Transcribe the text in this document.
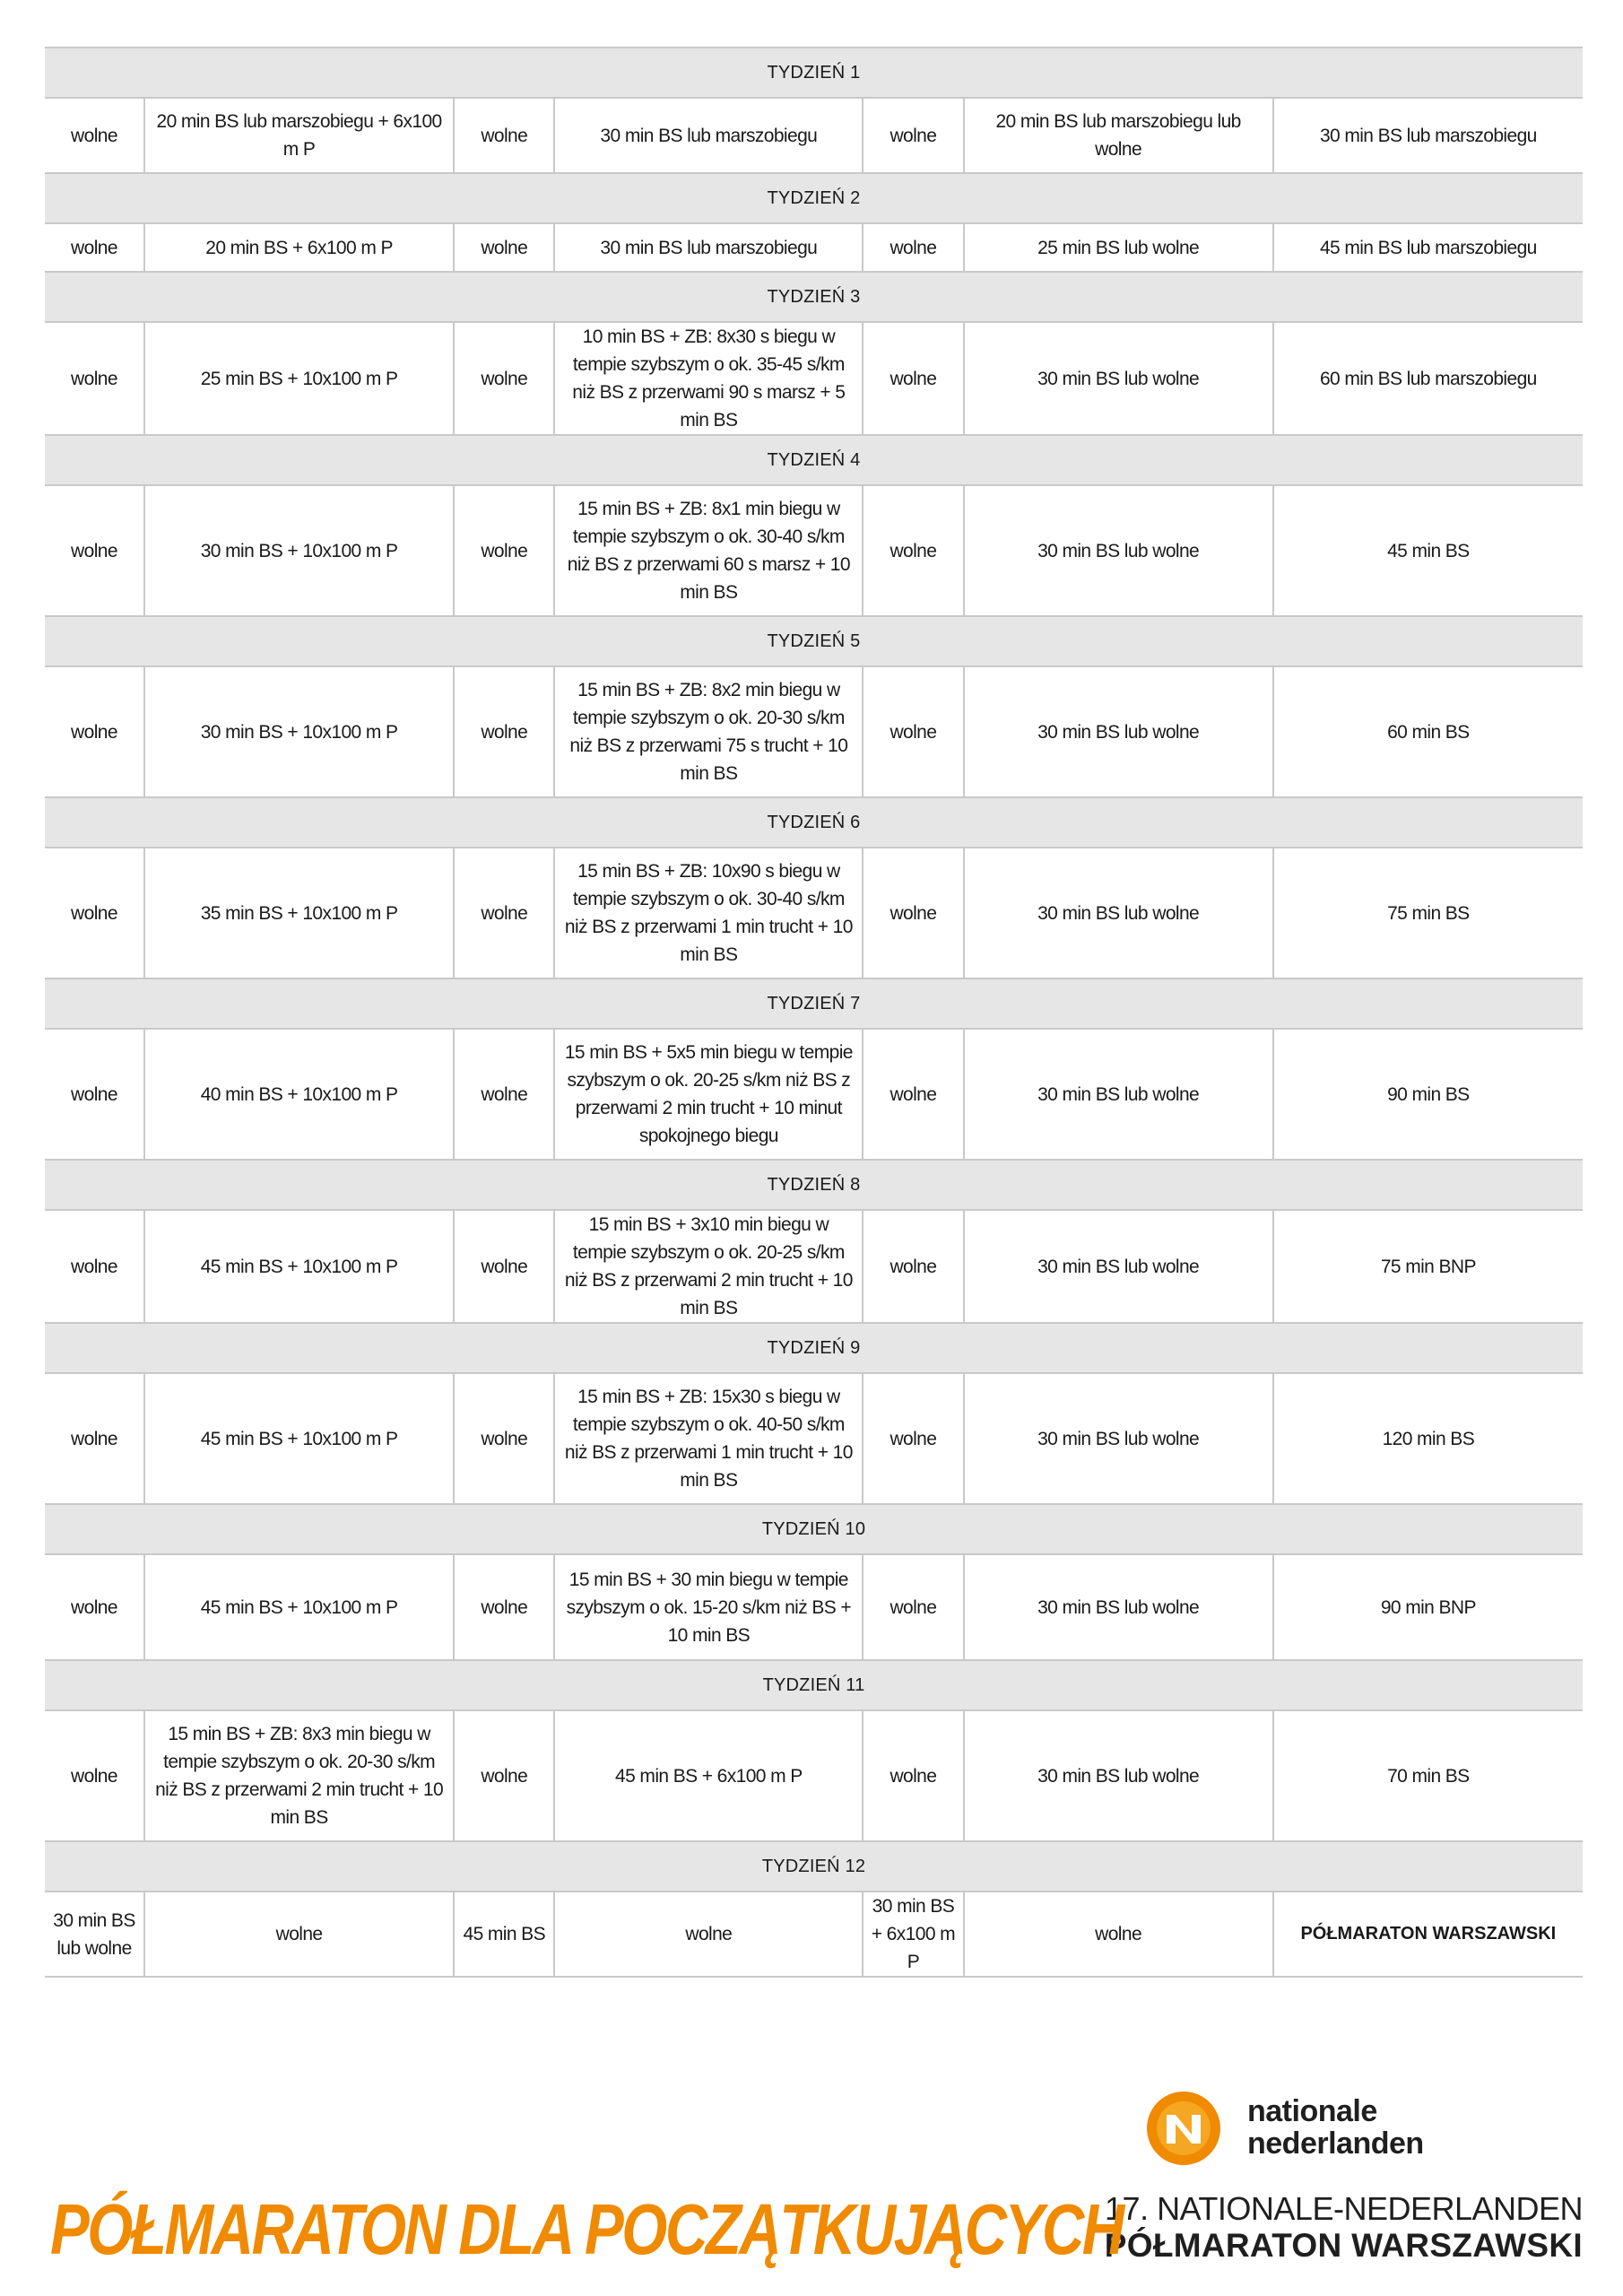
TYDZIEŃ 1						
wolne	20 min BS lub marszobiegu + 6x100 m P	wolne	30 min BS lub marszobiegu	wolne	20 min BS lub marszobiegu lub wolne	30 min BS lub marszobiegu
TYDZIEŃ 2						
wolne	20 min BS + 6x100 m P	wolne	30 min BS lub marszobiegu	wolne	25 min BS lub wolne	45 min BS lub marszobiegu
TYDZIEŃ 3						
wolne	25 min BS + 10x100 m P	wolne	10 min BS + ZB: 8x30 s biegu w tempie szybszym o ok. 35-45 s/km niż BS z przerwami 90 s marsz + 5 min BS	wolne	30 min BS lub wolne	60 min BS lub marszobiegu
TYDZIEŃ 4						
wolne	30 min BS + 10x100 m P	wolne	15 min BS + ZB: 8x1 min biegu w tempie szybszym o ok. 30-40 s/km niż BS z przerwami 60 s marsz + 10 min BS	wolne	30 min BS lub wolne	45 min BS
TYDZIEŃ 5						
wolne	30 min BS + 10x100 m P	wolne	15 min BS + ZB: 8x2 min biegu w tempie szybszym o ok. 20-30 s/km niż BS z przerwami 75 s trucht + 10 min BS	wolne	30 min BS lub wolne	60 min BS
TYDZIEŃ 6						
wolne	35 min BS + 10x100 m P	wolne	15 min BS + ZB: 10x90 s biegu w tempie szybszym o ok. 30-40 s/km niż BS z przerwami 1 min trucht + 10 min BS	wolne	30 min BS lub wolne	75 min BS
TYDZIEŃ 7						
wolne	40 min BS + 10x100 m P	wolne	15 min BS + 5x5 min biegu w tempie szybszym o ok. 20-25 s/km niż BS z przerwami 2 min trucht + 10 minut spokojnego biegu	wolne	30 min BS lub wolne	90 min BS
TYDZIEŃ 8						
wolne	45 min BS + 10x100 m P	wolne	15 min BS + 3x10 min biegu w tempie szybszym o ok. 20-25 s/km niż BS z przerwami 2 min trucht + 10 min BS	wolne	30 min BS lub wolne	75 min BNP
TYDZIEŃ 9						
wolne	45 min BS + 10x100 m P	wolne	15 min BS + ZB: 15x30 s biegu w tempie szybszym o ok. 40-50 s/km niż BS z przerwami 1 min trucht + 10 min BS	wolne	30 min BS lub wolne	120 min BS
TYDZIEŃ 10						
wolne	45 min BS + 10x100 m P	wolne	15 min BS + 30 min biegu w tempie szybszym o ok. 15-20 s/km niż BS + 10 min BS	wolne	30 min BS lub wolne	90 min BNP
TYDZIEŃ 11						
wolne	15 min BS + ZB: 8x3 min biegu w tempie szybszym o ok. 20-30 s/km niż BS z przerwami 2 min trucht + 10 min BS	wolne	45 min BS + 6x100 m P	wolne	30 min BS lub wolne	70 min BS
TYDZIEŃ 12						
30 min BS lub wolne	wolne	45 min BS	wolne	30 min BS + 6x100 m P	wolne	PÓŁMARATON WARSZAWSKI
nationale
nederlanden
17. NATIONALE-NEDERLANDEN
PÓŁMARATON WARSZAWSKI
PÓŁMARATON DLA POCZĄTKUJĄCYCH
